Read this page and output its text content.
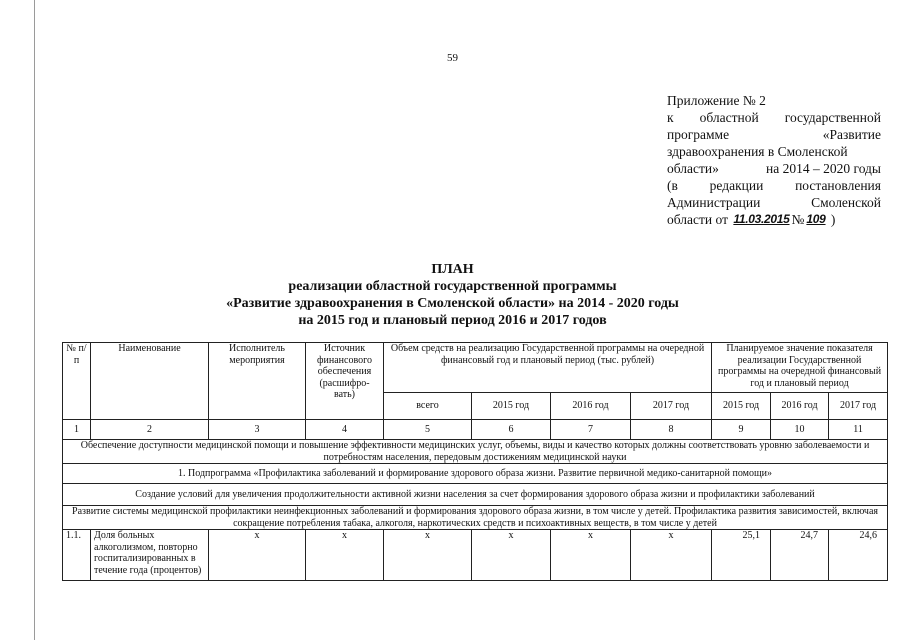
59
Приложение № 2
к областной государственной
программе	«Развитие
здравоохранения в Смоленской
области»	на 2014 – 2020 годы
(в редакции постановления
Администрации	Смоленской
области от
11.03.2015 № 109
)
ПЛАН
реализации областной государственной программы
«Развитие здравоохранения в Смоленской области» на 2014 - 2020 годы
на 2015 год и плановый период 2016 и 2017 годов
№ п/п	Наименование	Исполнитель мероприятия	Источник финансового обеспечения (расшифро-вать)	Объем средств на реализацию Государственной программы на очередной финансовый год и плановый период (тыс. рублей)				Планируемое значение показателя реализации Государственной программы на очередной финансовый год и плановый период		
				всего	2015 год	2016 год	2017 год	2015 год	2016 год	2017 год
1	2	3	4	5	6	7	8	9	10	11
Обеспечение доступности медицинской помощи и повышение эффективности медицинских услуг, объемы, виды и качество которых должны соответствовать уровню заболеваемости и потребностям населения, передовым достижениям медицинской науки										
1. Подпрограмма «Профилактика заболеваний и формирование здорового образа жизни. Развитие первичной медико-санитарной помощи»										
Создание условий для увеличения продолжительности активной жизни населения за счет формирования здорового образа жизни и профилактики заболеваний										
Развитие системы медицинской профилактики неинфекционных заболеваний и формирования здорового образа жизни, в том числе у детей. Профилактика развития зависимостей, включая сокращение потребления табака, алкоголя, наркотических средств и психоактивных веществ, в том числе у детей										
1.1.	Доля больных алкоголизмом, повторно госпитализированных в течение года (процентов)	х	х	х	х	х	х	25,1	24,7	24,6
